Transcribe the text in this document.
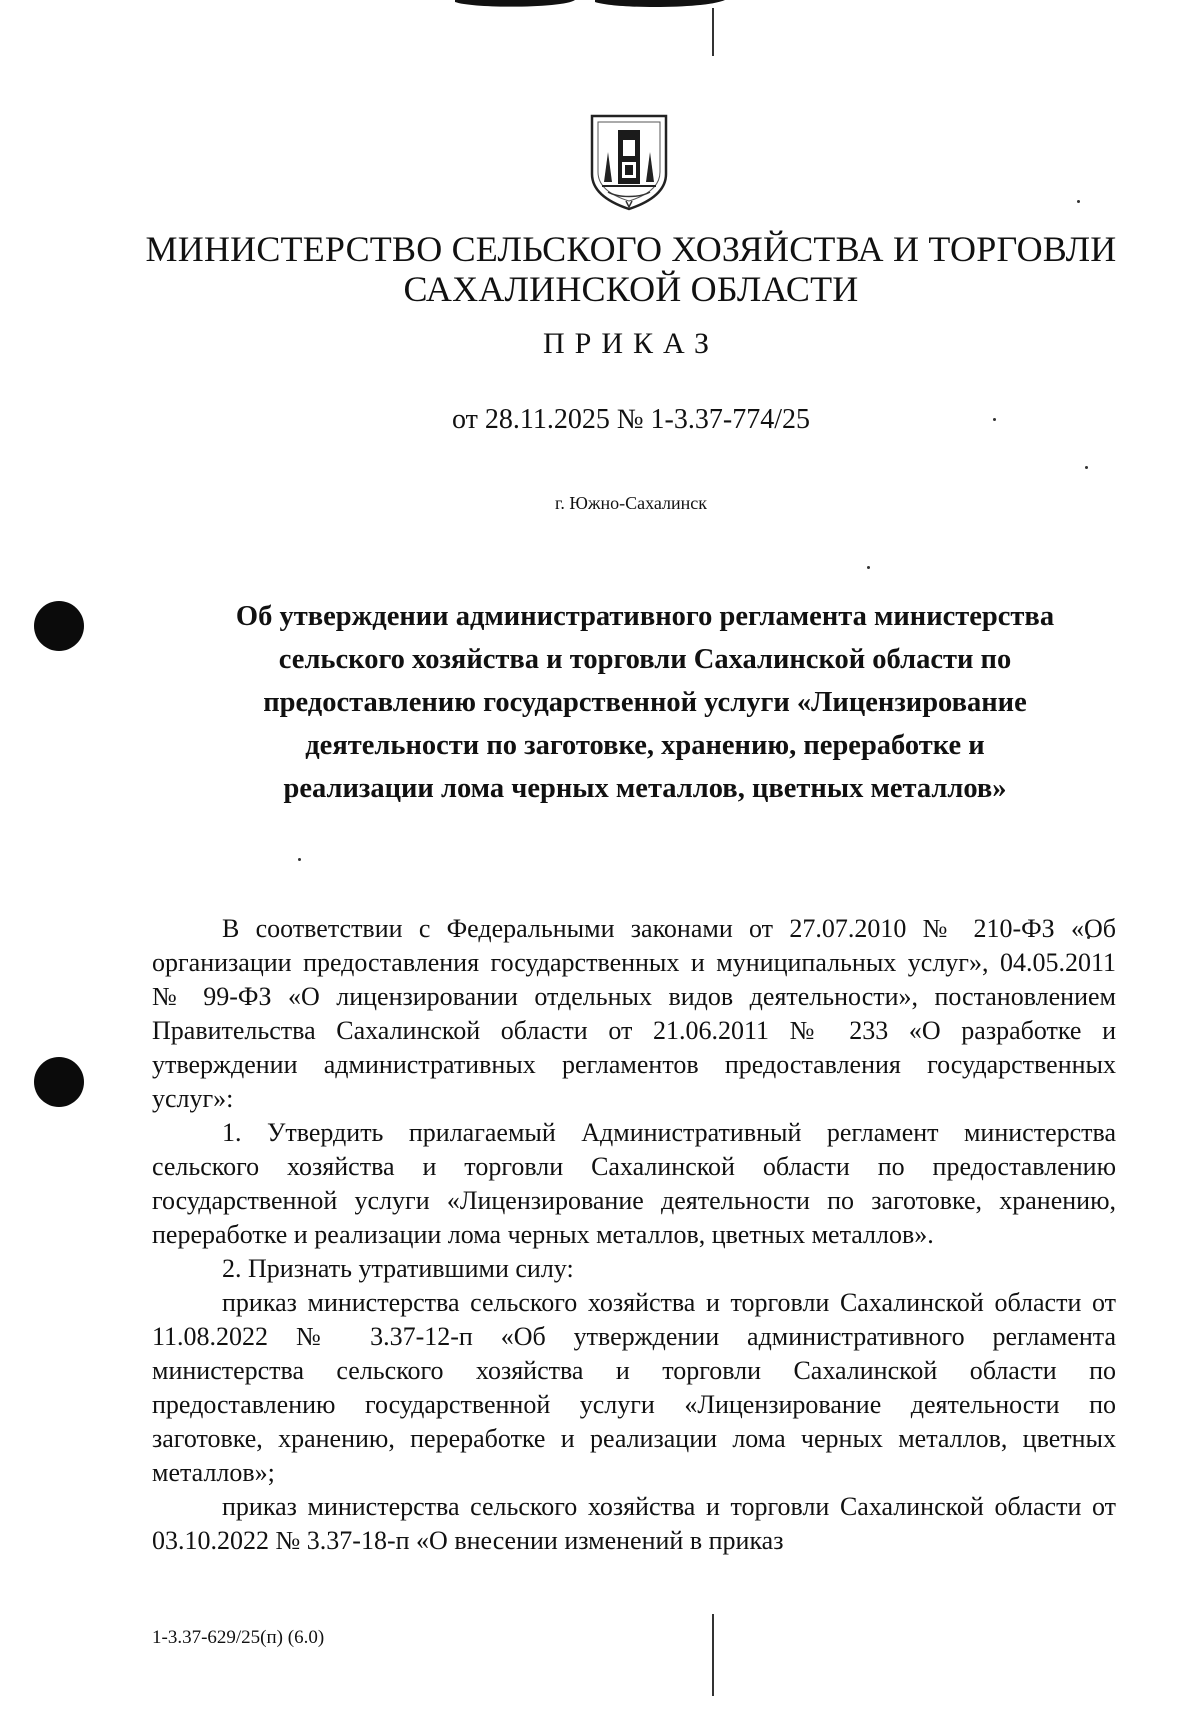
МИНИСТЕРСТВО СЕЛЬСКОГО ХОЗЯЙСТВА И ТОРГОВЛИ
САХАЛИНСКОЙ ОБЛАСТИ
ПРИКАЗ
от 28.11.2025 № 1-3.37-774/25
г. Южно-Сахалинск
Об утверждении административного регламента министерства
сельского хозяйства и торговли Сахалинской области по
предоставлению государственной услуги «Лицензирование
деятельности по заготовке, хранению, переработке и
реализации лома черных металлов, цветных металлов»

В соответствии с Федеральными законами от 27.07.2010 № 210-ФЗ «Об организации предоставления государственных и муниципальных услуг», 04.05.2011 № 99-ФЗ «О лицензировании отдельных видов деятельности», постановлением Правительства Сахалинской области от 21.06.2011 № 233 «О разработке и утверждении административных регламентов предоставления государственных услуг»:

1. Утвердить прилагаемый Административный регламент министерства сельского хозяйства и торговли Сахалинской области по предоставлению государственной услуги «Лицензирование деятельности по заготовке, хранению, переработке и реализации лома черных металлов, цветных металлов».

2. Признать утратившими силу:

приказ министерства сельского хозяйства и торговли Сахалинской области от 11.08.2022 № 3.37-12-п «Об утверждении административного регламента министерства сельского хозяйства и торговли Сахалинской области по предоставлению государственной услуги «Лицензирование деятельности по заготовке, хранению, переработке и реализации лома черных металлов, цветных металлов»;

приказ министерства сельского хозяйства и торговли Сахалинской области от 03.10.2022 № 3.37-18-п «О внесении изменений в приказ

1-3.37-629/25(п) (6.0)
